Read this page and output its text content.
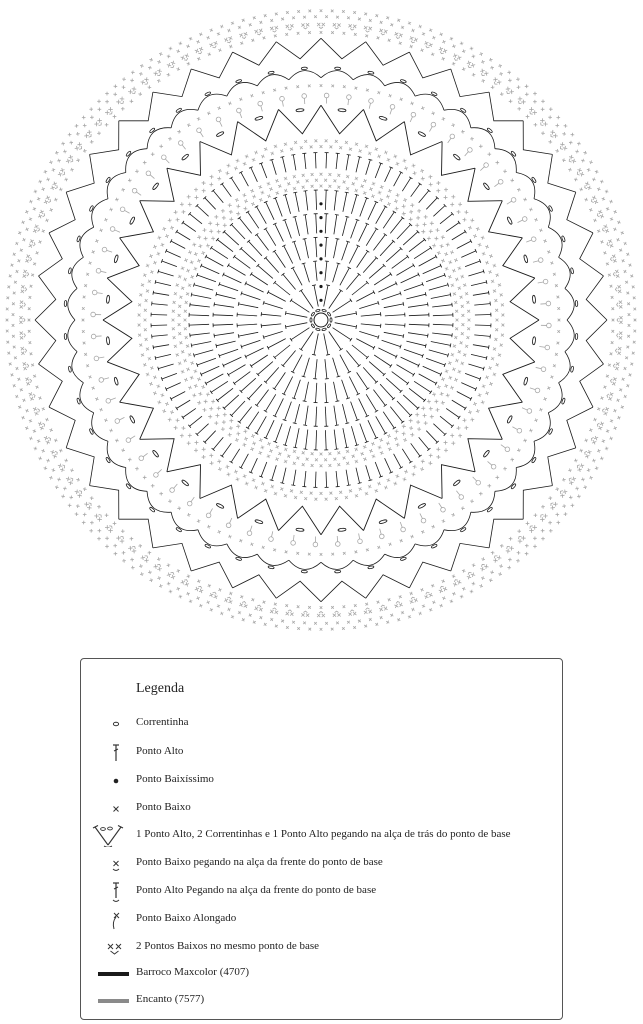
Legenda
Correntinha
Ponto Alto
Ponto Baixíssimo
Ponto Baixo
1 Ponto Alto, 2 Correntinhas e 1 Ponto Alto pegando na alça de trás do ponto de base
Ponto Baixo pegando na alça da frente do ponto de base
Ponto Alto Pegando na alça da frente do ponto de base
Ponto Baixo Alongado
2 Pontos Baixos no mesmo ponto de base
Barroco Maxcolor (4707)
Encanto (7577)
